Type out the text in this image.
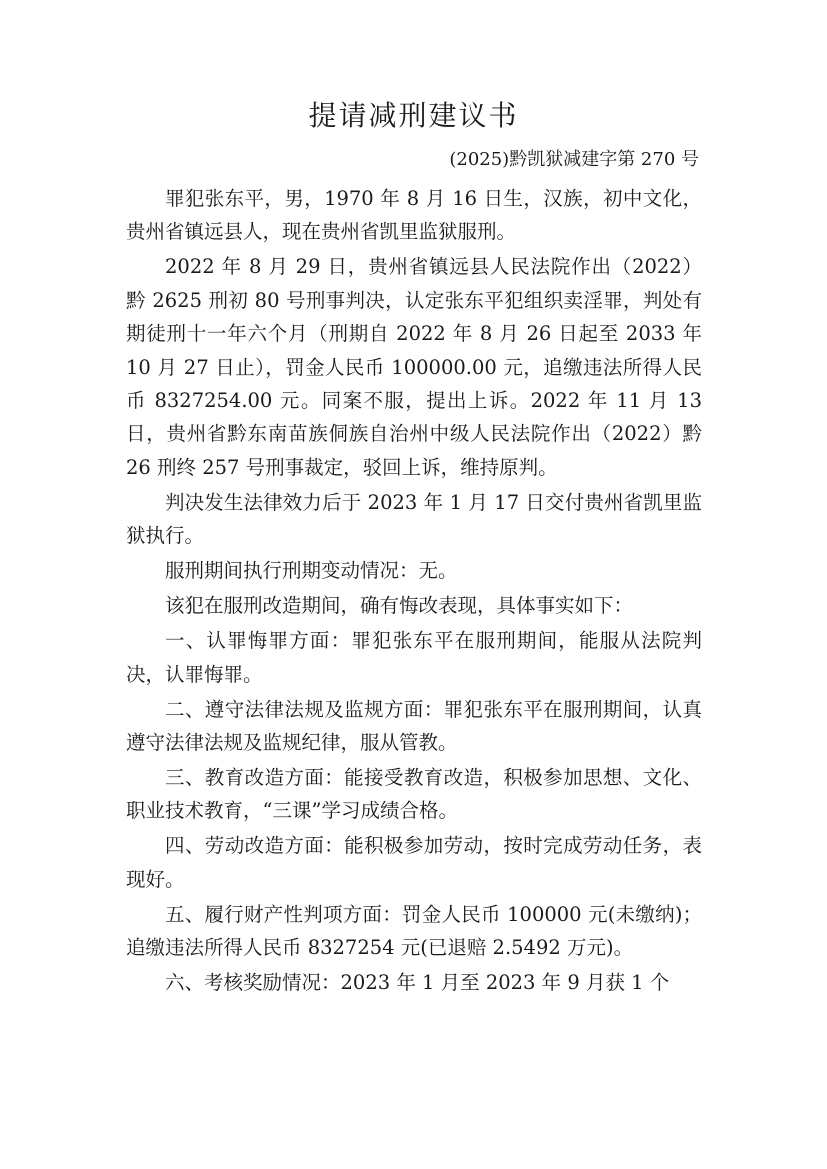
提请减刑建议书
(2025)黔凯狱减建字第 270 号

罪犯张东平，男，1970 年 8 月 16 日生，汉族，初中文化，贵州省镇远县人，现在贵州省凯里监狱服刑。

2022 年 8 月 29 日，贵州省镇远县人民法院作出（2022）黔 2625 刑初 80 号刑事判决，认定张东平犯组织卖淫罪，判处有期徒刑十一年六个月（刑期自 2022 年 8 月 26 日起至 2033 年 10 月 27 日止），罚金人民币 100000.00 元，追缴违法所得人民币 8327254.00 元。同案不服，提出上诉。2022 年 11 月 13 日，贵州省黔东南苗族侗族自治州中级人民法院作出（2022）黔 26 刑终 257 号刑事裁定，驳回上诉，维持原判。

判决发生法律效力后于 2023 年 1 月 17 日交付贵州省凯里监狱执行。

服刑期间执行刑期变动情况：无。

该犯在服刑改造期间，确有悔改表现，具体事实如下：

一、认罪悔罪方面：罪犯张东平在服刑期间，能服从法院判决，认罪悔罪。

二、遵守法律法规及监规方面：罪犯张东平在服刑期间，认真遵守法律法规及监规纪律，服从管教。

三、教育改造方面：能接受教育改造，积极参加思想、文化、职业技术教育，“三课”学习成绩合格。

四、劳动改造方面：能积极参加劳动，按时完成劳动任务，表现好。

五、履行财产性判项方面：罚金人民币 100000 元(未缴纳)；追缴违法所得人民币 8327254 元(已退赔 2.5492 万元)。

六、考核奖励情况：2023 年 1 月至 2023 年 9 月获 1 个
